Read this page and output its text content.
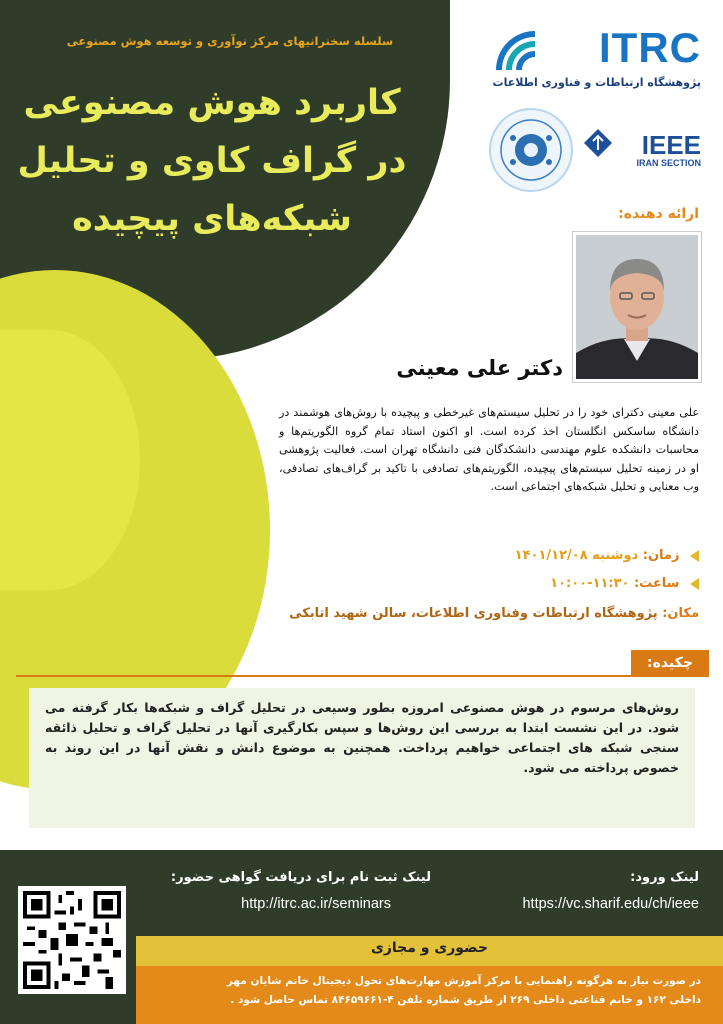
سلسله سخنرانیهای مرکز نوآوری و توسعه هوش مصنوعی
کاربرد هوش مصنوعی
در گراف کاوی و تحلیل
شبکه‌های پیچیده
ITRC
پژوهشگاه ارتباطات و فناوری اطلاعات
IEEE
IRAN SECTION
ارائه دهنده:
دکتر علی معینی
علی معینی دکترای خود را در تحلیل سیستم‌های غیرخطی و پیچیده با روش‌های هوشمند در دانشگاه ساسکس انگلستان اخذ کرده است. او اکنون استاد تمام گروه الگوریتم‌ها و محاسبات دانشکده علوم مهندسی دانشکدگان فنی دانشگاه تهران است. فعالیت پژوهشی او در زمینه تحلیل سیستم‌های پیچیده، الگوریتم‌های تصادفی با تاکید بر گراف‌های تصادفی، وب معنایی و تحلیل شبکه‌های اجتماعی است.
زمان: دوشنبه ۱۴۰۱/۱۲/۰۸
ساعت: ۱۱:۳۰-۱۰:۰۰
مکان: پژوهشگاه ارتباطات وفناوری اطلاعات، سالن شهید اتابکی
چکیده:
روش‌های مرسوم در هوش مصنوعی امروزه بطور وسیعی در تحلیل گراف و شبکه‌ها بکار گرفته می شود. در این نشست ابتدا به بررسی این روش‌ها و سپس بکارگیری آنها در تحلیل گراف و تحلیل ذائقه سنجی شبکه های اجتماعی خواهیم پرداخت. همچنین به موضوع دانش و نقش آنها در این روند به خصوص پرداخته می شود.
لینک ورود:
https://vc.sharif.edu/ch/ieee
لینک ثبت نام برای دریافت گواهی حضور:
http://itrc.ac.ir/seminars
حضوری و مجازی
در صورت نیاز به هرگونه راهنمایی با مرکز آموزش مهارت‌های تحول دیجیتال خانم شایان مهر
داخلی ۱۶۲ و خانم قناعتی داخلی ۲۶۹ از طریق شماره تلفن ۴-۸۴۶۵۹۶۶۱ تماس حاصل شود .
